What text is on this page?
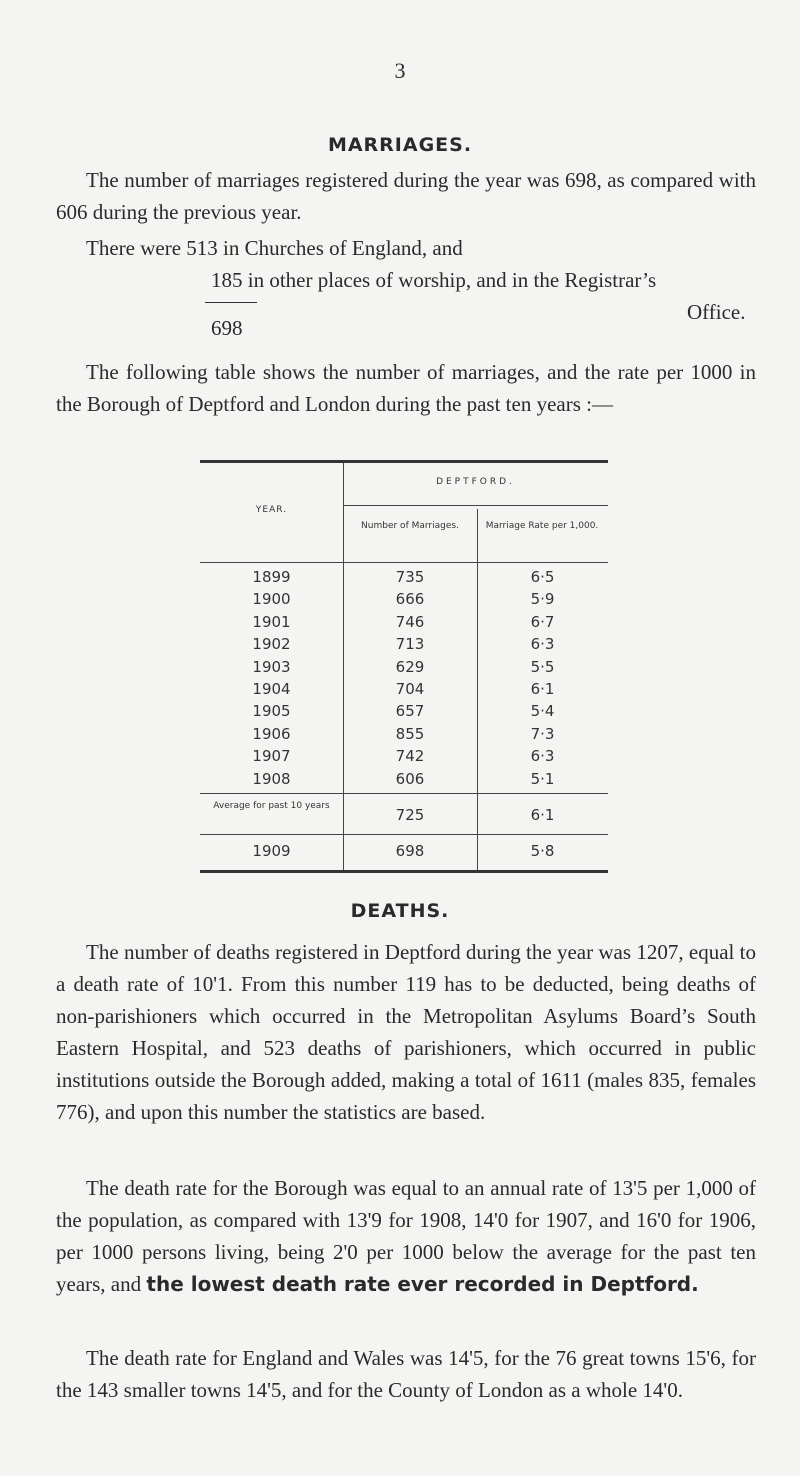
3
MARRIAGES.

The number of marriages registered during the year was 698, as compared with 606 during the previous year.

There were 513 in Churches of England, and
185 in other places of worship, and in the Registrar’s
Office.
698

The following table shows the number of marriages, and the rate per 1000 in the Borough of Deptford and London during the past ten years :—

YEAR.
DEPTFORD.
Number of Marriages.	Marriage Rate per 1,000.
1899	735	6·5
1900	666	5·9
1901	746	6·7
1902	713	6·3
1903	629	5·5
1904	704	6·1
1905	657	5·4
1906	855	7·3
1907	742	6·3
1908	606	5·1
Average for past 10 years	725	6·1
1909	698	5·8
DEATHS.

The number of deaths registered in Deptford during the year was 1207, equal to a death rate of 10'1. From this number 119 has to be deducted, being deaths of non-parishioners which occurred in the Metropolitan Asylums Board’s South Eastern Hospital, and 523 deaths of parishioners, which occurred in public institutions outside the Borough added, making a total of 1611 (males 835, females 776), and upon this number the statistics are based.

The death rate for the Borough was equal to an annual rate of 13'5 per 1,000 of the population, as compared with 13'9 for 1908, 14'0 for 1907, and 16'0 for 1906, per 1000 persons living, being 2'0 per 1000 below the average for the past ten years, and the lowest death rate ever recorded in Deptford.

The death rate for England and Wales was 14'5, for the 76 great towns 15'6, for the 143 smaller towns 14'5, and for the County of London as a whole 14'0.
